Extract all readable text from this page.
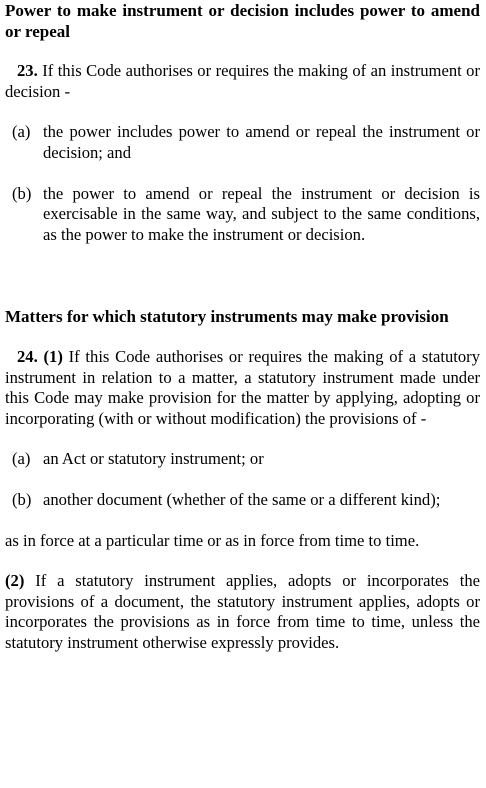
Power to make instrument or decision includes power to amend or repeal

23. If this Code authorises or requires the making of an instrument or decision -

(a) the power includes power to amend or repeal the instrument or decision; and
(b) the power to amend or repeal the instrument or decision is exercisable in the same way, and subject to the same conditions, as the power to make the instrument or decision.
Matters for which statutory instruments may make provision

24. (1) If this Code authorises or requires the making of a statutory instrument in relation to a matter, a statutory instrument made under this Code may make provision for the matter by applying, adopting or incorporating (with or without modification) the provisions of -

(a) an Act or statutory instrument; or
(b) another document (whether of the same or a different kind);

as in force at a particular time or as in force from time to time.

(2) If a statutory instrument applies, adopts or incorporates the provisions of a document, the statutory instrument applies, adopts or incorporates the provisions as in force from time to time, unless the statutory instrument otherwise expressly provides.
